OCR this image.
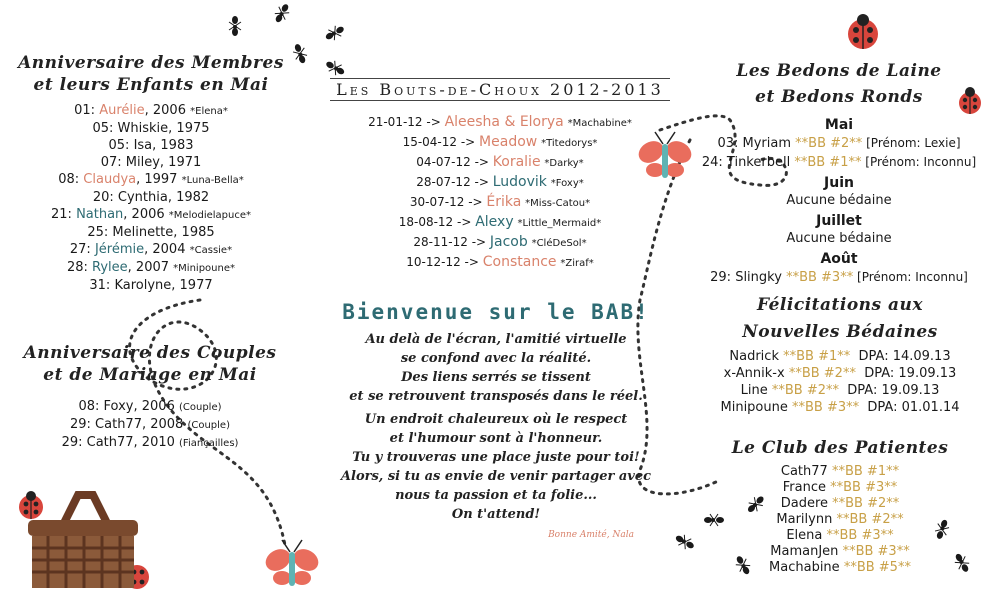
Anniversaire des Membres
et leurs Enfants en Mai
01: Aurélie, 2006 *Elena*
05: Whiskie, 1975
05: Isa, 1983
07: Miley, 1971
08: Claudya, 1997 *Luna-Bella*
20: Cynthia, 1982
21: Nathan, 2006 *Melodielapuce*
25: Melinette, 1985
27: Jérémie, 2004 *Cassie*
28: Rylee, 2007 *Minipoune*
31: Karolyne, 1977
Anniversaire des Couples
et de Mariage en Mai
08: Foxy, 2006 (Couple)
29: Cath77, 2008 (Couple)
29: Cath77, 2010 (Fiançailles)
Les Bouts-de-Choux 2012-2013
21-01-12 -> Aleesha & Elorya *Machabine*
15-04-12 -> Meadow *Titedorys*
04-07-12 -> Koralie *Darky*
28-07-12 -> Ludovik *Foxy*
30-07-12 -> Érika *Miss-Catou*
18-08-12 -> Alexy *Little_Mermaid*
28-11-12 -> Jacob *CléDeSol*
10-12-12 -> Constance *Ziraf*
Bienvenue sur le BAB!
Au delà de l'écran, l'amitié virtuelle
se confond avec la réalité.
Des liens serrés se tissent
et se retrouvent transposés dans le réel.
Un endroit chaleureux où le respect
et l'humour sont à l'honneur.
Tu y trouveras une place juste pour toi!
Alors, si tu as envie de venir partager avec
nous ta passion et ta folie...
On t'attend!
Bonne Amité, Nala
Les Bedons de Laine
et Bedons Ronds
Mai
03: Myriam **BB #2** [Prénom: Lexie]
24: Tinkerbell **BB #1** [Prénom: Inconnu]
Juin
Aucune bédaine
Juillet
Aucune bédaine
Août
29: Slingky **BB #3** [Prénom: Inconnu]
Félicitations aux
Nouvelles Bédaines
Nadrick **BB #1**  DPA: 14.09.13
x-Annik-x **BB #2**  DPA: 19.09.13
Line **BB #2**  DPA: 19.09.13
Minipoune **BB #3**  DPA: 01.01.14
Le Club des Patientes
Cath77 **BB #1**
France **BB #3**
Dadere **BB #2**
Marilynn **BB #2**
Elena **BB #3**
MamanJen **BB #3**
Machabine **BB #5**
